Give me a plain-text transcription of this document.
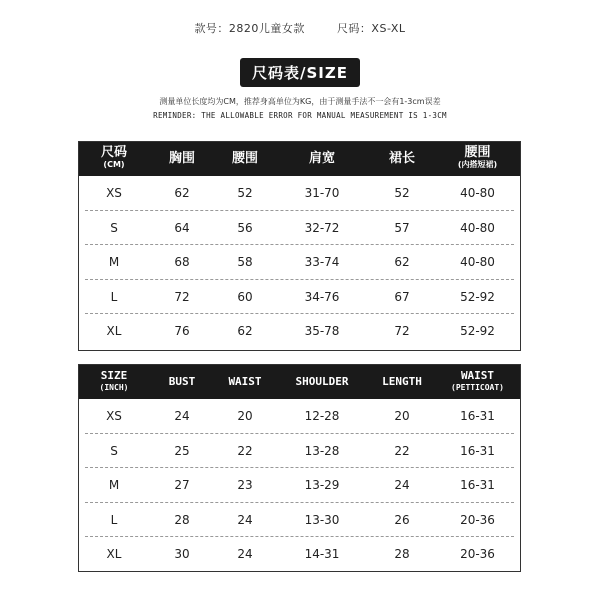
款号：2820儿童女款	尺码：XS-XL
尺码表/SIZE
测量单位长度均为CM，推荐身高单位为KG，由于测量手法不一会有1-3cm误差
REMINDER: THE ALLOWABLE ERROR FOR MANUAL MEASUREMENT IS 1-3CM
尺码
(CM)	胸围	腰围	肩宽	裙长	腰围
(内搭短裙)
XS	62	52	31-70	52	40-80
S	64	56	32-72	57	40-80
M	68	58	33-74	62	40-80
L	72	60	34-76	67	52-92
XL	76	62	35-78	72	52-92
SIZE
(INCH)	BUST	WAIST	SHOULDER	LENGTH	WAIST
(PETTICOAT)
XS	24	20	12-28	20	16-31
S	25	22	13-28	22	16-31
M	27	23	13-29	24	16-31
L	28	24	13-30	26	20-36
XL	30	24	14-31	28	20-36
